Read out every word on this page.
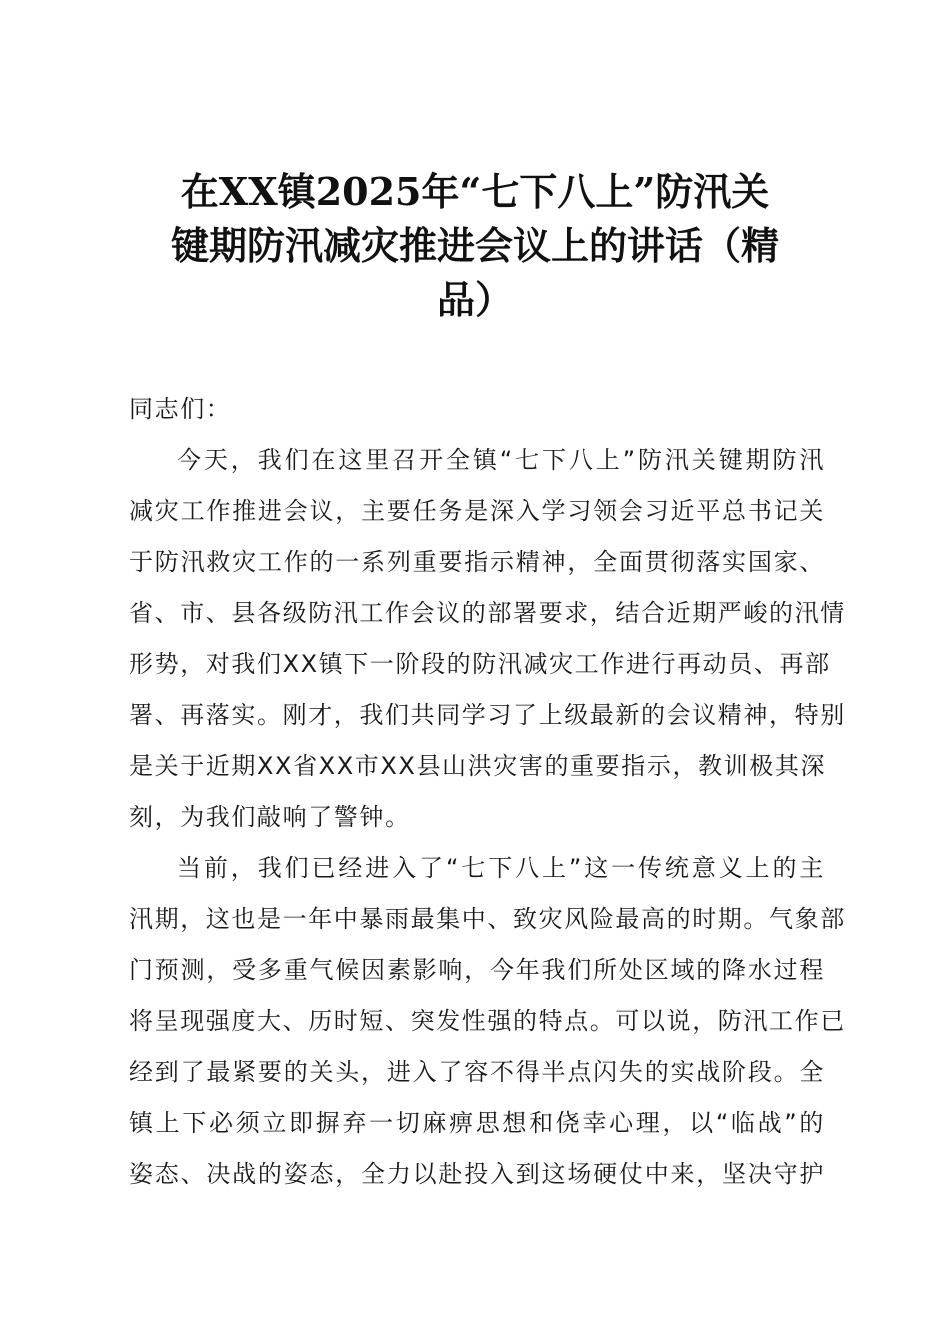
在XX镇2025年“七下八上”防汛关
键期防汛减灾推进会议上的讲话（精
品）

同志们：

今天，我们在这里召开全镇“七下八上”防汛关键期防汛
减灾工作推进会议，主要任务是深入学习领会习近平总书记关
于防汛救灾工作的一系列重要指示精神，全面贯彻落实国家、
省、市、县各级防汛工作会议的部署要求，结合近期严峻的汛情
形势，对我们XX镇下一阶段的防汛减灾工作进行再动员、再部
署、再落实。刚才，我们共同学习了上级最新的会议精神，特别
是关于近期XX省XX市XX县山洪灾害的重要指示，教训极其深
刻，为我们敲响了警钟。

当前，我们已经进入了“七下八上”这一传统意义上的主
汛期，这也是一年中暴雨最集中、致灾风险最高的时期。气象部
门预测，受多重气候因素影响，今年我们所处区域的降水过程
将呈现强度大、历时短、突发性强的特点。可以说，防汛工作已
经到了最紧要的关头，进入了容不得半点闪失的实战阶段。全
镇上下必须立即摒弃一切麻痹思想和侥幸心理，以“临战”的
姿态、决战的姿态，全力以赴投入到这场硬仗中来，坚决守护
